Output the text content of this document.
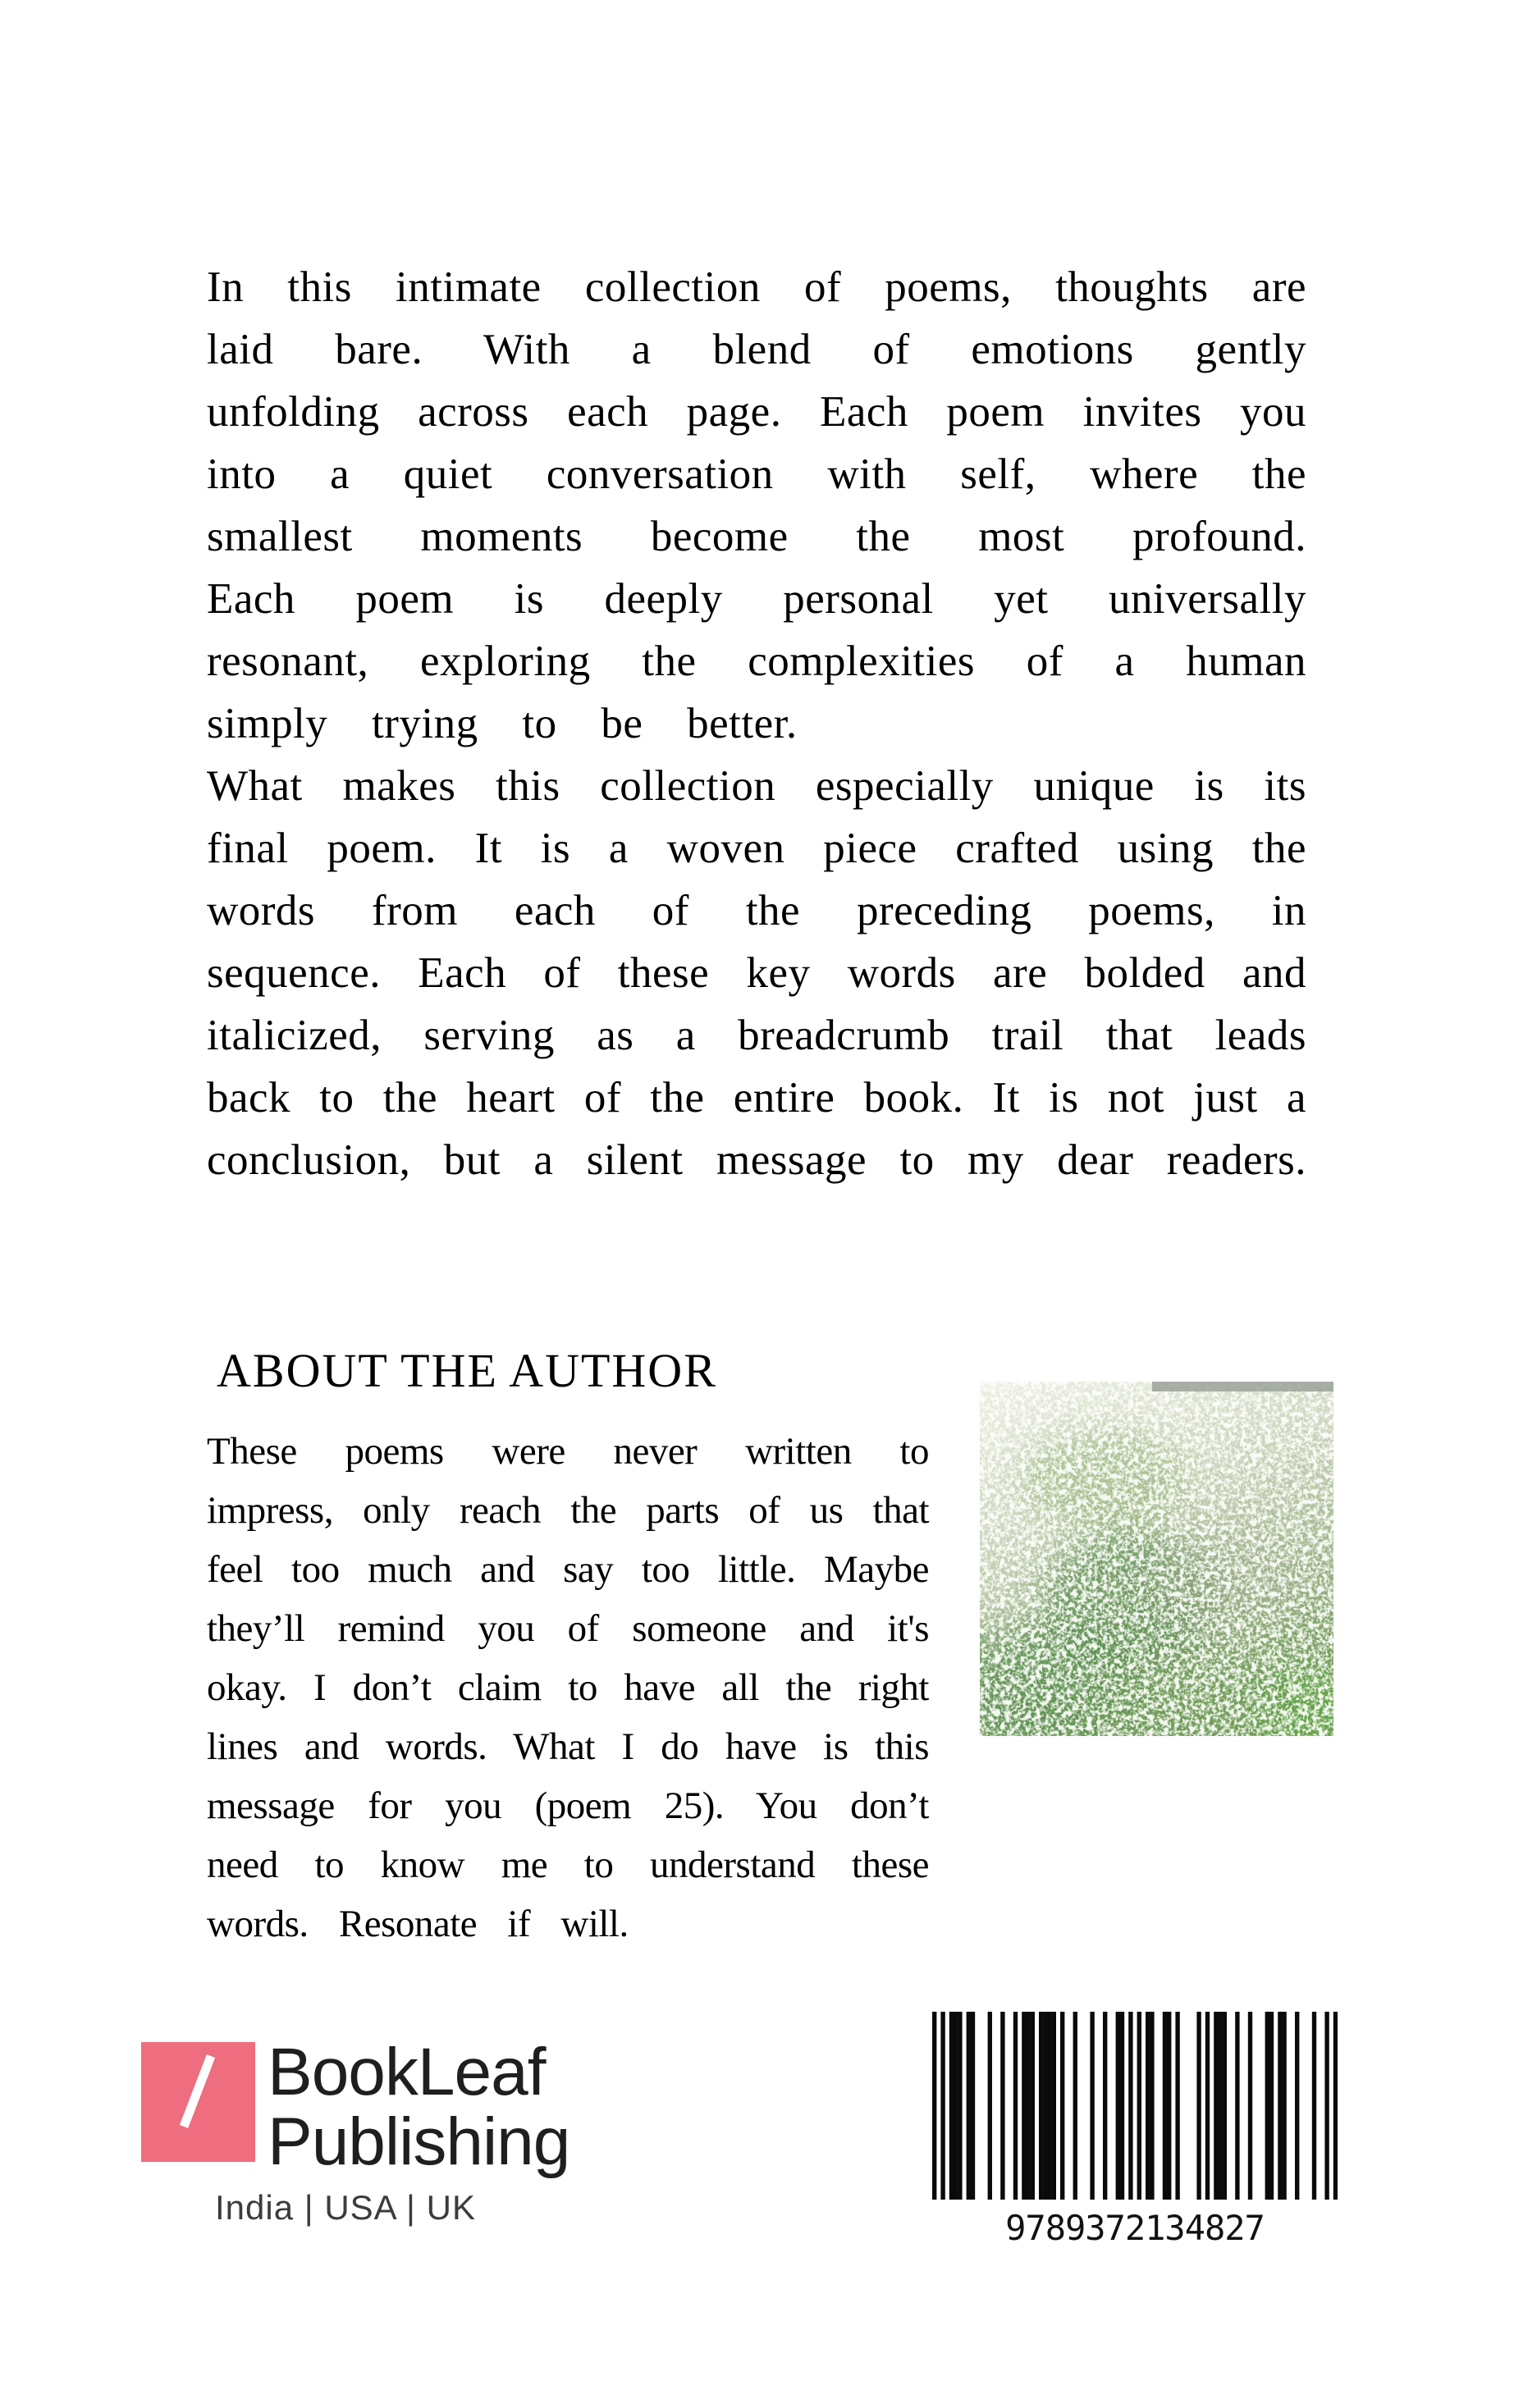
In this intimate collection of poems, thoughts are

laid bare. With a blend of emotions gently

unfolding across each page. Each poem invites you

into a quiet conversation with self, where the

smallest moments become the most profound.

Each poem is deeply personal yet universally

resonant, exploring the complexities of a human

simply trying to be better.

What makes this collection especially unique is its

final poem. It is a woven piece crafted using the

words from each of the preceding poems, in

sequence. Each of these key words are bolded and

italicized, serving as a breadcrumb trail that leads

back to the heart of the entire book. It is not just a

conclusion, but a silent message to my dear readers.

ABOUT THE AUTHOR

These poems were never written to

impress, only reach the parts of us that

feel too much and say too little. Maybe

they’ll remind you of someone and it's

okay. I don’t claim to have all the right

lines and words. What I do have is this

message for you (poem 25). You don’t

need to know me to understand these

words. Resonate if will.

BookLeaf
Publishing
India | USA | UK
9789372134827
